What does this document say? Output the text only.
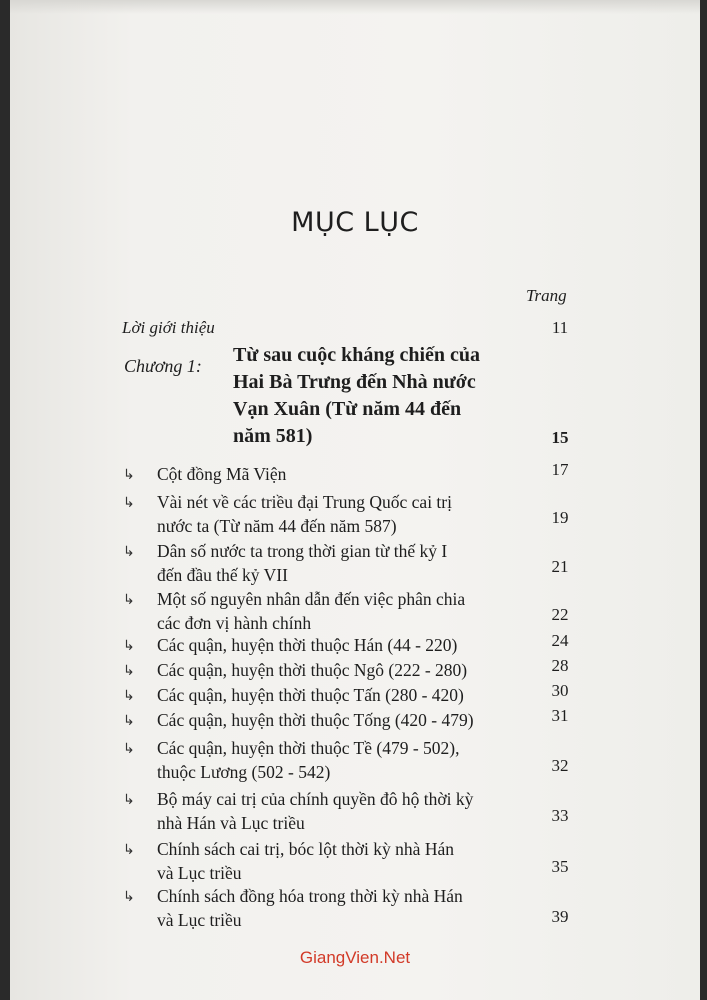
MỤC LỤC
Trang
Lời giới thiệu	11
Chương 1: Từ sau cuộc kháng chiến của
Hai Bà Trưng đến Nhà nước
Vạn Xuân (Từ năm 44 đến
năm 581)	15
↳ Cột đồng Mã Viện	17
↳ Vài nét về các triều đại Trung Quốc cai trị
nước ta (Từ năm 44 đến năm 587)	19
↳ Dân số nước ta trong thời gian từ thế kỷ I
đến đầu thế kỷ VII	21
↳ Một số nguyên nhân dẫn đến việc phân chia
các đơn vị hành chính	22
↳ Các quận, huyện thời thuộc Hán (44 - 220)	24
↳ Các quận, huyện thời thuộc Ngô (222 - 280)	28
↳ Các quận, huyện thời thuộc Tấn (280 - 420)	30
↳ Các quận, huyện thời thuộc Tống (420 - 479)	31
↳ Các quận, huyện thời thuộc Tề (479 - 502),
thuộc Lương (502 - 542)	32
↳ Bộ máy cai trị của chính quyền đô hộ thời kỳ
nhà Hán và Lục triều	33
↳ Chính sách cai trị, bóc lột thời kỳ nhà Hán
và Lục triều	35
↳ Chính sách đồng hóa trong thời kỳ nhà Hán
và Lục triều	39
GiangVien.Net
